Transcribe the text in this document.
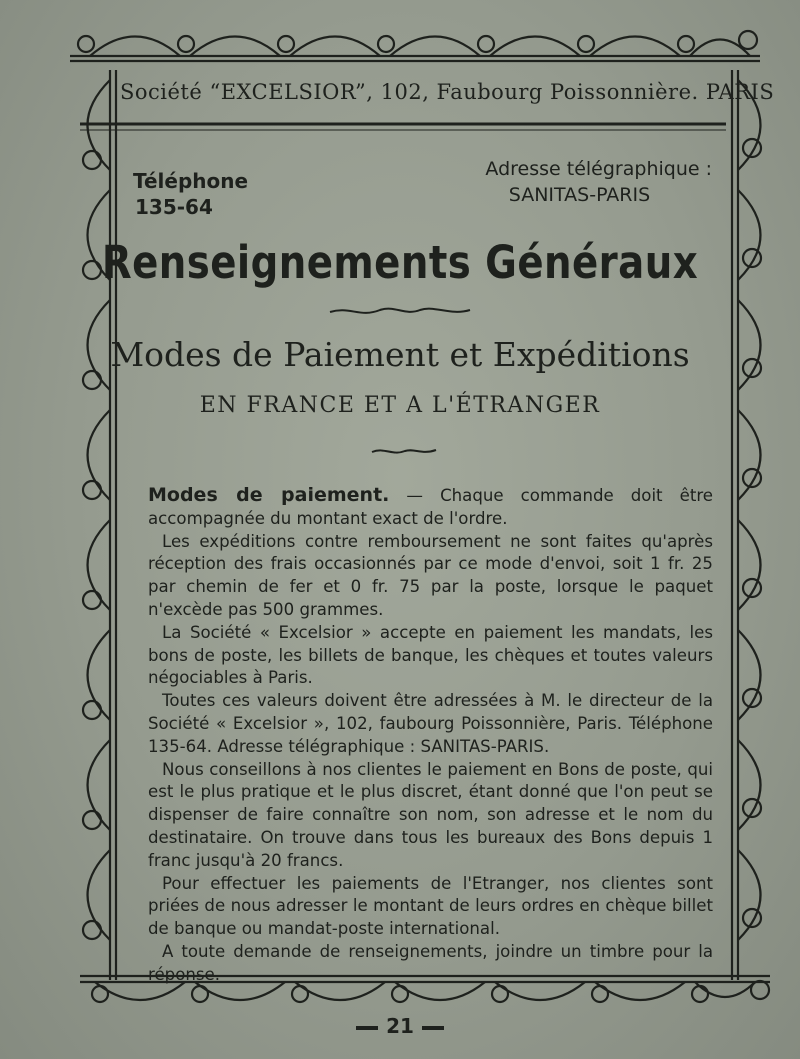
Société “EXCELSIOR”, 102, Faubourg Poissonnière. PARIS
Téléphone
135-64
Adresse télégraphique :
SANITAS-PARIS
Renseignements Généraux
Modes de Paiement et Expéditions
EN FRANCE ET A L'ÉTRANGER

Modes de paiement. — Chaque commande doit être accompagnée du montant exact de l'ordre.

Les expéditions contre remboursement ne sont faites qu'après réception des frais occasionnés par ce mode d'envoi, soit 1 fr. 25 par chemin de fer et 0 fr. 75 par la poste, lorsque le paquet n'excède pas 500 grammes.

La Société « Excelsior » accepte en paiement les mandats, les bons de poste, les billets de banque, les chèques et toutes valeurs négociables à Paris.

Toutes ces valeurs doivent être adressées à M. le directeur de la Société « Excelsior », 102, faubourg Poissonnière, Paris. Téléphone 135-64. Adresse télégraphique : SANITAS-PARIS.

Nous conseillons à nos clientes le paiement en Bons de poste, qui est le plus pratique et le plus discret, étant donné que l'on peut se dispenser de faire connaître son nom, son adresse et le nom du destinataire. On trouve dans tous les bureaux des Bons depuis 1 franc jusqu'à 20 francs.

Pour effectuer les paiements de l'Etranger, nos clientes sont priées de nous adresser le montant de leurs ordres en chèque billet de banque ou mandat-poste international.

A toute demande de renseignements, joindre un timbre pour la réponse.

21
